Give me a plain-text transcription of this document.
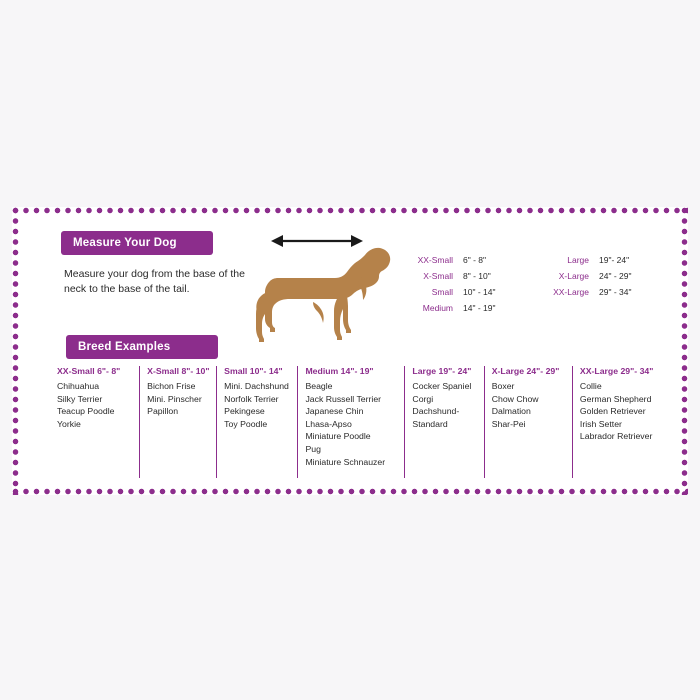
Measure Your Dog
Measure your dog from the base of the neck to the base of the tail.
XX-Small	6" - 8"
X-Small	8" - 10"
Small	10" - 14"
Medium	14" - 19"
Large	19"- 24"
X-Large	24" - 29"
XX-Large	29" - 34"
Breed Examples
XX-Small 6"- 8"
Chihuahua
Silky Terrier
Teacup Poodle
Yorkie
X-Small 8"- 10"
Bichon Frise
Mini. Pinscher
Papillon
Small 10"- 14"
Mini. Dachshund
Norfolk Terrier
Pekingese
Toy Poodle
Medium 14"- 19"
Beagle
Jack Russell Terrier
Japanese Chin
Lhasa-Apso
Miniature Poodle
Pug
Miniature Schnauzer
Large 19"- 24"
Cocker Spaniel
Corgi
Dachshund-
Standard
X-Large 24"- 29"
Boxer
Chow Chow
Dalmation
Shar-Pei
XX-Large 29"- 34"
Collie
German Shepherd
Golden Retriever
Irish Setter
Labrador Retriever
